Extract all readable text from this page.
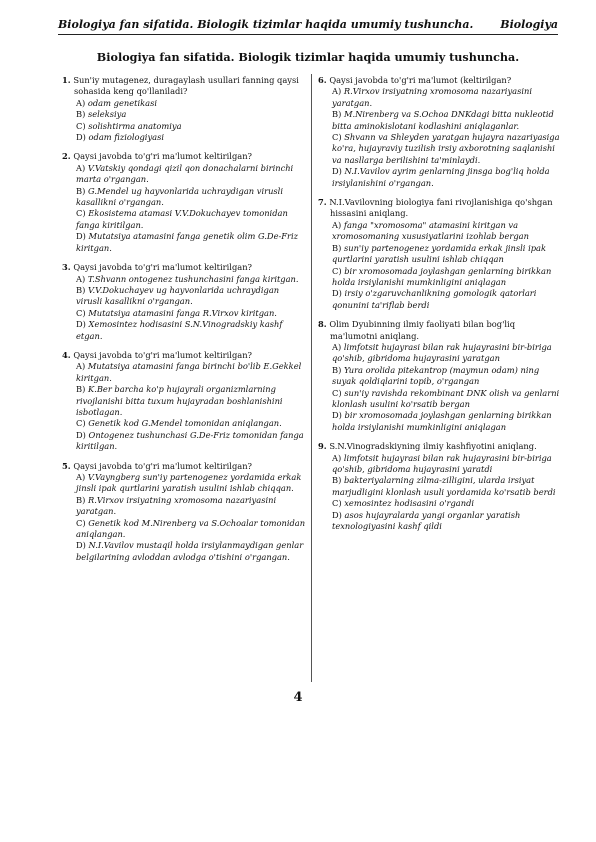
Biologiya fan sifatida. Biologik tizimlar haqida umumiy tushuncha. Biologiya
Biologiya fan sifatida. Biologik tizimlar haqida umumiy tushuncha.
1. Sun'iy mutagenez, duragaylash usullari fanning qaysi sohasida keng qo'llaniladi?
A) odam genetikasi
B) seleksiya
C) solishtirma anatomiya
D) odam fiziologiyasi
2. Qaysi javobda to'g'ri ma'lumot keltirilgan?
A) V.Vatskiy qondagi qizil qon donachalarni birinchi marta o'rgangan.
B) G.Mendel ug hayvonlarida uchraydigan virusli kasallikni o'rgangan.
C) Ekosistema atamasi V.V.Dokuchayev tomonidan fanga kiritilgan.
D) Mutatsiya atamasini fanga genetik olim G.De-Friz kiritgan.
3. Qaysi javobda to'g'ri ma'lumot keltirilgan?
A) T.Shvann ontogenez tushunchasini fanga kiritgan.
B) V.V.Dokuchayev ug hayvonlarida uchraydigan virusli kasallikni o'rgangan.
C) Mutatsiya atamasini fanga R.Virxov kiritgan.
D) Xemosintez hodisasini S.N.Vinogradskiy kashf etgan.
4. Qaysi javobda to'g'ri ma'lumot keltirilgan?
A) Mutatsiya atamasini fanga birinchi bo'lib E.Gekkel kiritgan.
B) K.Ber barcha ko'p hujayrali organizmlarning rivojlanishi bitta tuxum hujayradan boshlanishini isbotlagan.
C) Genetik kod G.Mendel tomonidan aniqlangan.
D) Ontogenez tushunchasi G.De-Friz tomonidan fanga kiritilgan.
5. Qaysi javobda to'g'ri ma'lumot keltirilgan?
A) V.Vayngberg sun'iy partenogenez yordamida erkak jinsli ipak qurtlarini yaratish usulini ishlab chiqqan.
B) R.Virxov irsiyatning xromosoma nazariyasini yaratgan.
C) Genetik kod M.Nirenberg va S.Ochoalar tomonidan aniqlangan.
D) N.I.Vavilov mustaqil holda irsiylanmaydigan genlar belgilarining avloddan avlodga o'tishini o'rgangan.
6. Qaysi javobda to'g'ri ma'lumot (keltirilgan?
A) R.Virxov irsiyatning xromosoma nazariyasini yaratgan.
B) M.Nirenberg va S.Ochoa DNKdagi bitta nukleotid bitta aminokislotani kodlashini aniqlaganlar.
C) Shvann va Shleyden yaratgan hujayra nazariyasiga ko'ra, hujayraviy tuzilish irsiy axborotning saqlanishi va nasllarga berilishini ta'minlaydi.
D) N.I.Vavilov ayrim genlarning jinsga bog'liq holda irsiylanishini o'rgangan.
7. N.I.Vavilovning biologiya fani rivojlanishiga qo'shgan hissasini aniqlang.
A) fanga "xromosoma" atamasini kiritgan va xromosomaning xususiyatlarini izohlab bergan
B) sun'iy partenogenez yordamida erkak jinsli ipak qurtlarini yaratish usulini ishlab chiqqan
C) bir xromosomada joylashgan genlarning birikkan holda irsiylanishi mumkinligini aniqlagan
D) irsiy o'zgaruvchanlikning gomologik qatorlari qonunini ta'riflab berdi
8. Olim Dyubinning ilmiy faoliyati bilan bog'liq ma'lumotni aniqlang.
A) limfotsit hujayrasi bilan rak hujayrasini bir-biriga qo'shib, gibridoma hujayrasini yaratgan
B) Yura orolida pitekantrop (maymun odam) ning suyak qoldiqlarini topib, o'rgangan
C) sun'iy ravishda rekombinant DNK olish va genlarni klonlash usulini ko'rsatib bergan
D) bir xromosomada joylashgan genlarning birikkan holda irsiylanishi mumkinligini aniqlagan
9. S.N.Vinogradskiyning ilmiy kashfiyotini aniqlang.
A) limfotsit hujayrasi bilan rak hujayrasini bir-biriga qo'shib, gibridoma hujayrasini yaratdi
B) bakteriyalarning zilma-zilligini, ularda irsiyat marjudligini klonlash usuli yordamida ko'rsatib berdi
C) xemosintez hodisasini o'rgandi
D) asos hujayralarda yangi organlar yaratish texnologiyasini kashf qildi
4
